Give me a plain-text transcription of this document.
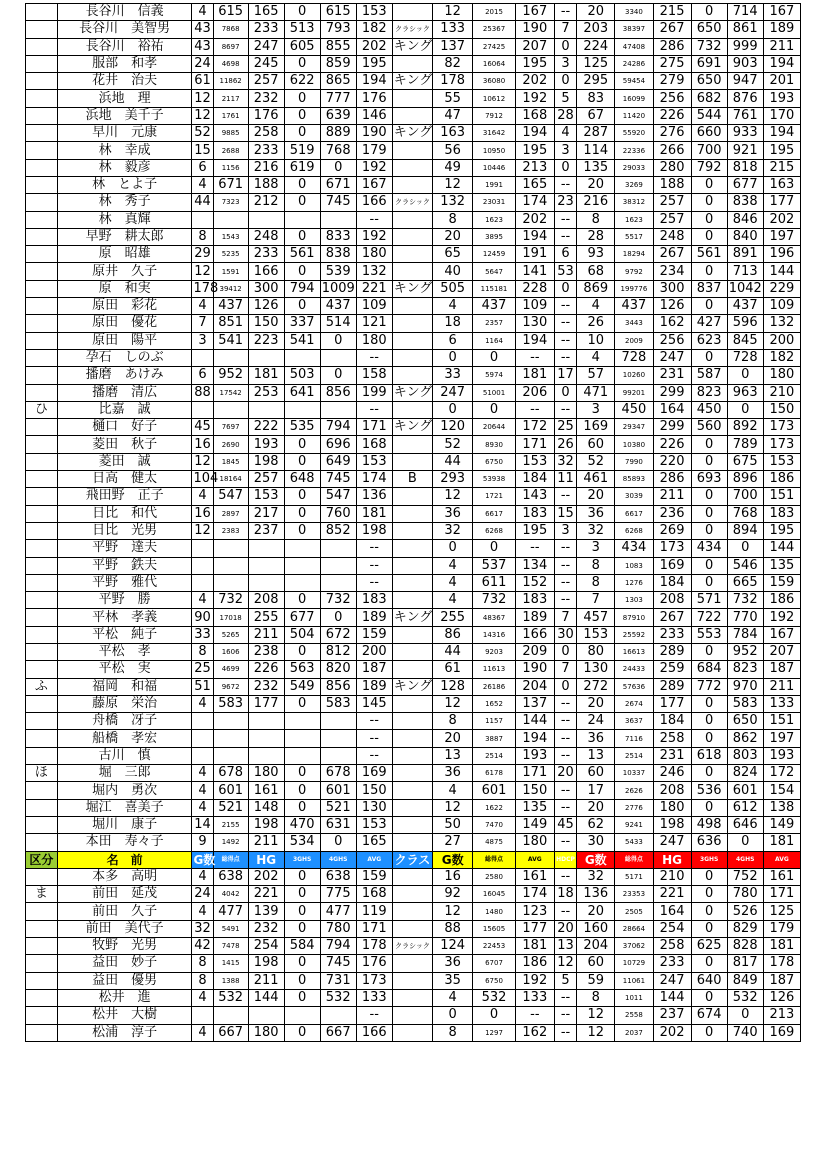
	長谷川　信義	4	615	165	0	615	153		12	2015	167	--	20	3340	215	0	714	167
	長谷川　美智男	43	7868	233	513	793	182	クラシック	133	25367	190	7	203	38397	267	650	861	189
	長谷川　裕祐	43	8697	247	605	855	202	キング	137	27425	207	0	224	47408	286	732	999	211
	服部　和孝	24	4698	245	0	859	195		82	16064	195	3	125	24286	275	691	903	194
	花井　治夫	61	11862	257	622	865	194	キング	178	36080	202	0	295	59454	279	650	947	201
	浜地　理	12	2117	232	0	777	176		55	10612	192	5	83	16099	256	682	876	193
	浜地　美千子	12	1761	176	0	639	146		47	7912	168	28	67	11420	226	544	761	170
	早川　元康	52	9885	258	0	889	190	キング	163	31642	194	4	287	55920	276	660	933	194
	林　幸成	15	2688	233	519	768	179		56	10950	195	3	114	22336	266	700	921	195
	林　毅彦	6	1156	216	619	0	192		49	10446	213	0	135	29033	280	792	818	215
	林　とよ子	4	671	188	0	671	167		12	1991	165	--	20	3269	188	0	677	163
	林　秀子	44	7323	212	0	745	166	クラシック	132	23031	174	23	216	38312	257	0	838	177
	林　真輝						--		8	1623	202	--	8	1623	257	0	846	202
	早野　耕太郎	8	1543	248	0	833	192		20	3895	194	--	28	5517	248	0	840	197
	原　昭雄	29	5235	233	561	838	180		65	12459	191	6	93	18294	267	561	891	196
	原井　久子	12	1591	166	0	539	132		40	5647	141	53	68	9792	234	0	713	144
	原　和実	178	39412	300	794	1009	221	キング	505	115181	228	0	869	199776	300	837	1042	229
	原田　彩花	4	437	126	0	437	109		4	437	109	--	4	437	126	0	437	109
	原田　優花	7	851	150	337	514	121		18	2357	130	--	26	3443	162	427	596	132
	原田　陽平	3	541	223	541	0	180		6	1164	194	--	10	2009	256	623	845	200
	孕石　しのぶ						--		0	0	--	--	4	728	247	0	728	182
	播磨　あけみ	6	952	181	503	0	158		33	5974	181	17	57	10260	231	587	0	180
	播磨　清広	88	17542	253	641	856	199	キング	247	51001	206	0	471	99201	299	823	963	210
ひ	比嘉　誠						--		0	0	--	--	3	450	164	450	0	150
	樋口　好子	45	7697	222	535	794	171	キング	120	20644	172	25	169	29347	299	560	892	173
	菱田　秋子	16	2690	193	0	696	168		52	8930	171	26	60	10380	226	0	789	173
	菱田　誠	12	1845	198	0	649	153		44	6750	153	32	52	7990	220	0	675	153
	日高　健太	104	18164	257	648	745	174	B	293	53938	184	11	461	85893	286	693	896	186
	飛田野　正子	4	547	153	0	547	136		12	1721	143	--	20	3039	211	0	700	151
	日比　和代	16	2897	217	0	760	181		36	6617	183	15	36	6617	236	0	768	183
	日比　光男	12	2383	237	0	852	198		32	6268	195	3	32	6268	269	0	894	195
	平野　達夫						--		0	0	--	--	3	434	173	434	0	144
	平野　鉄夫						--		4	537	134	--	8	1083	169	0	546	135
	平野　雅代						--		4	611	152	--	8	1276	184	0	665	159
	平野　勝	4	732	208	0	732	183		4	732	183	--	7	1303	208	571	732	186
	平林　孝義	90	17018	255	677	0	189	キング	255	48367	189	7	457	87910	267	722	770	192
	平松　純子	33	5265	211	504	672	159		86	14316	166	30	153	25592	233	553	784	167
	平松　孝	8	1606	238	0	812	200		44	9203	209	0	80	16613	289	0	952	207
	平松　実	25	4699	226	563	820	187		61	11613	190	7	130	24433	259	684	823	187
ふ	福岡　和福	51	9672	232	549	856	189	キング	128	26186	204	0	272	57636	289	772	970	211
	藤原　栄治	4	583	177	0	583	145		12	1652	137	--	20	2674	177	0	583	133
	舟橋　冴子						--		8	1157	144	--	24	3637	184	0	650	151
	船橋　孝宏						--		20	3887	194	--	36	7116	258	0	862	197
	古川　慎						--		13	2514	193	--	13	2514	231	618	803	193
ほ	堀　三郎	4	678	180	0	678	169		36	6178	171	20	60	10337	246	0	824	172
	堀内　勇次	4	601	161	0	601	150		4	601	150	--	17	2626	208	536	601	154
	堀江　喜美子	4	521	148	0	521	130		12	1622	135	--	20	2776	180	0	612	138
	堀川　康子	14	2155	198	470	631	153		50	7470	149	45	62	9241	198	498	646	149
	本田　寿々子	9	1492	211	534	0	165		27	4875	180	--	30	5433	247	636	0	181
区分	名　前	G数	総得点	HG	3GHS	4GHS	AVG	クラス	G数	総得点	AVG	HDCP	G数	総得点	HG	3GHS	4GHS	AVG
	本多　高明	4	638	202	0	638	159		16	2580	161	--	32	5171	210	0	752	161
ま	前田　延茂	24	4042	221	0	775	168		92	16045	174	18	136	23353	221	0	780	171
	前田　久子	4	477	139	0	477	119		12	1480	123	--	20	2505	164	0	526	125
	前田　美代子	32	5491	232	0	780	171		88	15605	177	20	160	28664	254	0	829	179
	牧野　光男	42	7478	254	584	794	178	クラシック	124	22453	181	13	204	37062	258	625	828	181
	益田　妙子	8	1415	198	0	745	176		36	6707	186	12	60	10729	233	0	817	178
	益田　優男	8	1388	211	0	731	173		35	6750	192	5	59	11061	247	640	849	187
	松井　進	4	532	144	0	532	133		4	532	133	--	8	1011	144	0	532	126
	松井　大樹						--		0	0	--	--	12	2558	237	674	0	213
	松浦　淳子	4	667	180	0	667	166		8	1297	162	--	12	2037	202	0	740	169
